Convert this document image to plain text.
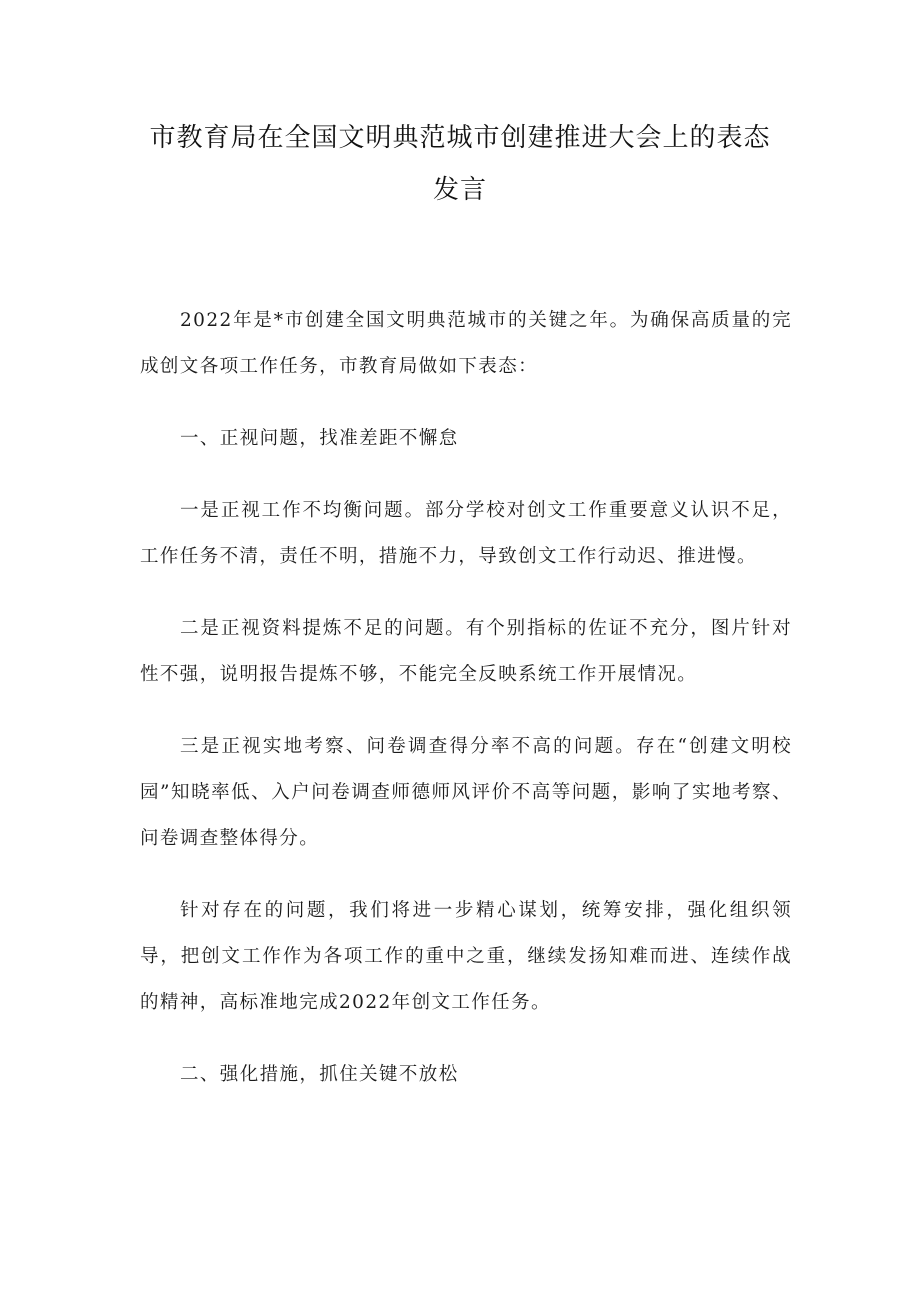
市教育局在全国文明典范城市创建推进大会上的表态
发言

2022年是*市创建全国文明典范城市的关键之年。为确保高质量的完成创文各项工作任务，市教育局做如下表态：

一、正视问题，找准差距不懈怠

一是正视工作不均衡问题。部分学校对创文工作重要意义认识不足，工作任务不清，责任不明，措施不力，导致创文工作行动迟、推进慢。

二是正视资料提炼不足的问题。有个别指标的佐证不充分，图片针对性不强，说明报告提炼不够，不能完全反映系统工作开展情况。

三是正视实地考察、问卷调查得分率不高的问题。存在“创建文明校园”知晓率低、入户问卷调查师德师风评价不高等问题，影响了实地考察、问卷调查整体得分。

针对存在的问题，我们将进一步精心谋划，统筹安排，强化组织领导，把创文工作作为各项工作的重中之重，继续发扬知难而进、连续作战的精神，高标准地完成2022年创文工作任务。

二、强化措施，抓住关键不放松
